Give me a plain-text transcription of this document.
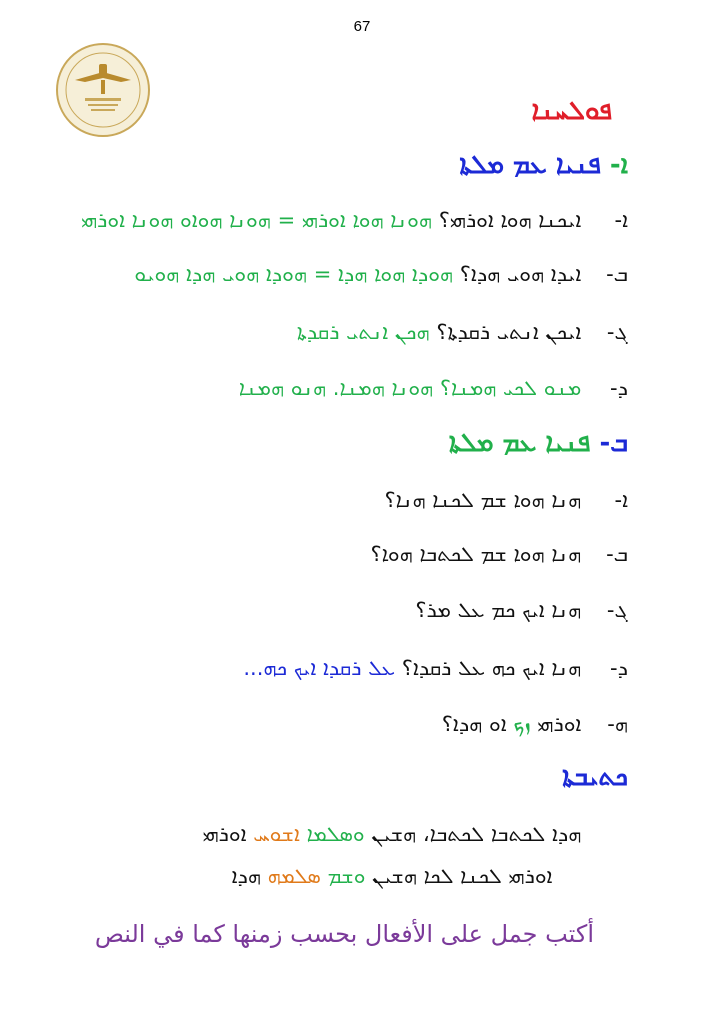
67
ܦܘܠܚܢܐ
ܐ- ܦܢܝܐ ܥܡ ܡܠܬܐ
ܐ- ܐܝܟܢܐ ܗܘܐ ܐܘܪܗܝ؟ ܗܘܢܐ ܗܘܐ ܐܘܪܗܝ = ܗܘܢܐ ܗܘܐܘ ܗܘܢܐ ܐܘܪܗܝ
ܒ- ܐܝܕܐ ܗܘܝ ܗܕܐ؟ ܗܘܕܐ ܗܘܐ ܗܕܐ = ܗܘܕܐ ܗܘܝ ܗܕܐ ܗܘܝܘ
ܓ- ܐܝܟܢ ܐܢܬܝ ܪܩܕܬܐ؟ ܗܟܢ ܐܢܬܝ ܪܩܕܬܐ
ܕ- ܡܢܘ ܠܟܝ ܗܡܢܐ؟ ܗܘܢܐ ܗܡܢܐ. ܗܢܘ ܗܡܢܐ
ܒ- ܦܢܝܐ ܥܡ ܡܠܬܐ
ܐ- ܗܢܐ ܗܘܐ ܫܡ ܠܟܢܐ ܗܢܐ؟
ܒ- ܗܢܐ ܗܘܐ ܫܡ ܠܟܬܒܐ ܗܘܐ؟
ܓ- ܗܢܐ ܐܝܟ ܟܡ ܥܠ ܡܪ؟
ܕ- ܗܢܐ ܐܝܟ ܟܗ ܥܠ ܪܩܕܐ؟ ܥܠ ܪܩܕܐ ܐܝܟ ܟܗ...
ܗ- ܐܘܪܗܝ ܙܟ ܐܘ ܗܕܐ؟
ܟܬܝܒܬܐ
ܗܕܐ ܠܟܬܒܐ ܠܟܬܒܐ، ܗܫܝܢ ܘܣܠܡܐ ܐܫܘܚ ܐܘܪܗܝ
ܐܘܪܗܝ ܠܟܢܐ ܠܟܐ ܗܫܝܢ ܘܫܡ ܣܠܡܗ ܗܕܐ
أكتب جمل على الأفعال بحسب زمنها كما في النص
